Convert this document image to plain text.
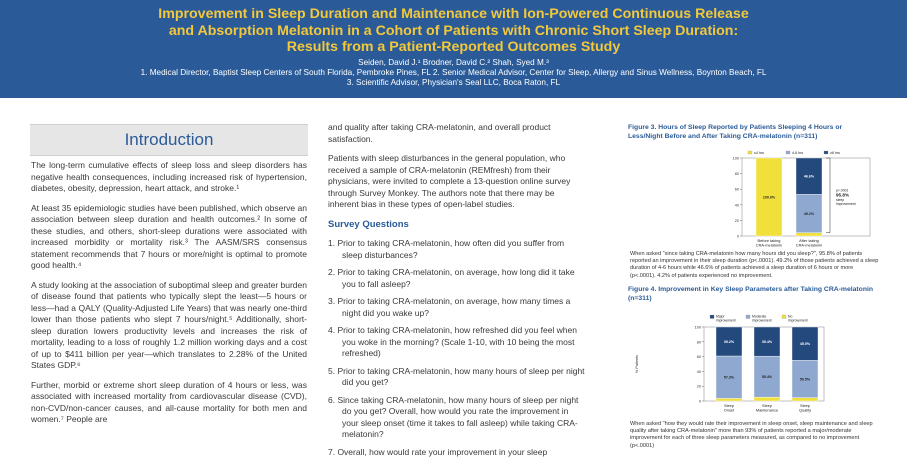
Improvement in Sleep Duration and Maintenance with Ion-Powered Continuous Release
and Absorption Melatonin in a Cohort of Patients with Chronic Short Sleep Duration:
Results from a Patient-Reported Outcomes Study
Seiden, David J.¹ Brodner, David C.² Shah, Syed M.³
1. Medical Director, Baptist Sleep Centers of South Florida, Pembroke Pines, FL 2. Senior Medical Advisor, Center for Sleep, Allergy and Sinus Wellness, Boynton Beach, FL
3. Scientific Advisor, Physician's Seal LLC, Boca Raton, FL
Introduction

The long-term cumulative effects of sleep loss and sleep disorders has negative health consequences, including increased risk of hypertension, diabetes, obesity, depression, heart attack, and stroke.¹

At least 35 epidemiologic studies have been published, which observe an association between sleep duration and health outcomes.² In some of these studies, and others, short-sleep durations were associated with increased morbidity or mortality risk.³ The AASM/SRS consensus statement recommends that 7 hours or more/night is optimal to promote good health.⁴

A study looking at the association of suboptimal sleep and greater burden of disease found that patients who typically slept the least—5 hours or less—had a QALY (Quality-Adjusted Life Years) that was nearly one-third lower than those patients who slept 7 hours/night.⁵ Additionally, short-sleep duration lowers productivity levels and increases the risk of mortality, leading to a loss of roughly 1.2 million working days and a cost of up to $411 billion per year—which translates to 2.28% of the United States GDP.⁶

Further, morbid or extreme short sleep duration of 4 hours or less, was associated with increased mortality from cardiovascular disease (CVD), non-CVD/non-cancer causes, and all-cause mortality for both men and women.⁷ People are

and quality after taking CRA-melatonin, and overall product satisfaction.

Patients with sleep disturbances in the general population, who received a sample of CRA-melatonin (REMfresh) from their physicians, were invited to complete a 13-question online survey through Survey Monkey. The authors note that there may be inherent bias in these types of open-label studies.

Survey Questions
1. Prior to taking CRA-melatonin, how often did you suffer from sleep disturbances?
2. Prior to taking CRA-melatonin, on average, how long did it take you to fall asleep?
3. Prior to taking CRA-melatonin, on average, how many times a night did you wake up?
4. Prior to taking CRA-melatonin, how refreshed did you feel when you woke in the morning? (Scale 1-10, with 10 being the most refreshed)
5. Prior to taking CRA-melatonin, how many hours of sleep per night did you get?
6. Since taking CRA-melatonin, how many hours of sleep per night do you get? Overall, how would you rate the improvement in your sleep onset (time it takes to fall asleep) while taking CRA-melatonin?
7. Overall, how would rate your improvement in your sleep
Figure 3. Hours of Sleep Reported by Patients Sleeping 4 Hours or Less/Night Before and After Taking CRA-melatonin (n=311)
0
20
40
60
80
100
100.0%
Before taking
CRA-melatonin
49.2%
46.6%
After taking
CRA-melatonin
≤4 hrs	4-6 hrs	≥6 hrs
p<.0001
95.8%
sleep
improvement
When asked "since taking CRA-melatonin how many hours did you sleep?", 95.8% of patients reported an improvement in their sleep duration (p<.0001). 49.2% of those patients achieved a sleep duration of 4-6 hours while 46.6% of patients achieved a sleep duration of 6 hours or more (p<.0001). 4.2% of patients experienced no improvement.
Figure 4. Improvement in Key Sleep Parameters after Taking CRA-melatonin (n=311)
0
20
40
60
80
100
% Patients
57.3%
39.2%
Sleep
Onset
55.4%
39.4%
Sleep
Maintenance
50.5%
45.0%
Sleep
Quality
Major
improvement
Moderate
improvement
No
improvement
When asked "how they would rate their improvement in sleep onset, sleep maintenance and sleep quality after taking CRA-melatonin" more than 93% of patients reported a major/moderate improvement for each of three sleep parameters measured, as compared to no improvement (p<.0001)
